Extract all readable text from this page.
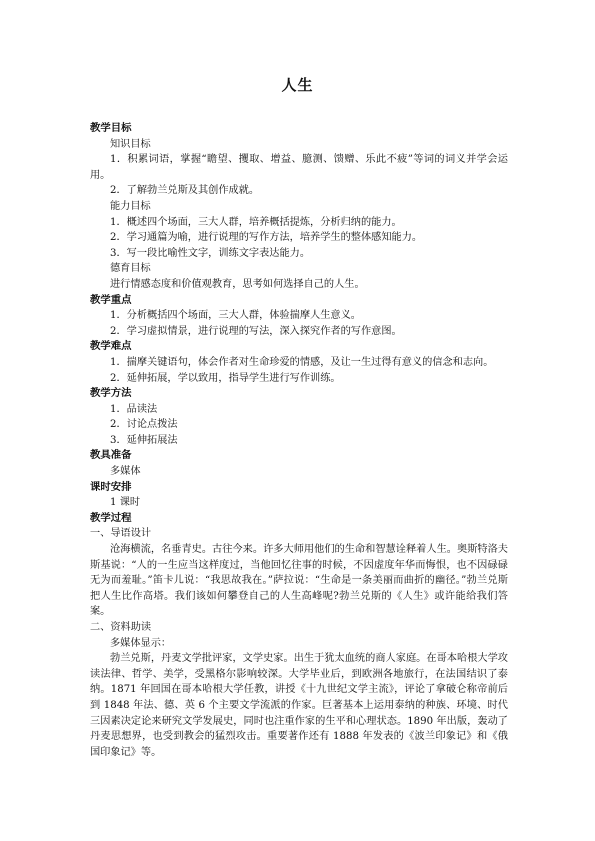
人生
教学目标
知识目标
1．积累词语，掌握“瞻望、攫取、增益、臆测、馈赠、乐此不疲”等词的词义并学会运用。
2．了解勃兰兑斯及其创作成就。
能力目标
1．概述四个场面，三大人群，培养概括提炼，分析归纳的能力。
2．学习通篇为喻，进行说理的写作方法，培养学生的整体感知能力。
3．写一段比喻性文字，训练文字表达能力。
德育目标
进行情感态度和价值观教育，思考如何选择自己的人生。
教学重点
1．分析概括四个场面，三大人群，体验揣摩人生意义。
2．学习虚拟情景，进行说理的写法，深入探究作者的写作意图。
教学难点
1．揣摩关键语句，体会作者对生命珍爱的情感，及让一生过得有意义的信念和志向。
2．延伸拓展，学以致用，指导学生进行写作训练。
教学方法
1．品读法
2．讨论点拨法
3．延伸拓展法
教具准备
多媒体
课时安排
1 课时
教学过程
一、导语设计
沧海横流，名垂青史。古往今来。许多大师用他们的生命和智慧诠释着人生。奥斯特洛夫斯基说：“人的一生应当这样度过，当他回忆往事的时候，不因虚度年华而悔恨，也不因碌碌无为而羞耻。”笛卡儿说：“我思故我在。”萨拉说：“生命是一条美丽而曲折的幽径。”勃兰兑斯把人生比作高塔。我们该如何攀登自己的人生高峰呢?勃兰兑斯的《人生》或许能给我们答案。
二、资料助读
多媒体显示：
勃兰兑斯，丹麦文学批评家，文学史家。出生于犹太血统的商人家庭。在哥本哈根大学攻读法律、哲学、美学，受黑格尔影响较深。大学毕业后，到欧洲各地旅行，在法国结识了泰纳。1871 年回国在哥本哈根大学任教，讲授《十九世纪文学主流》，评论了拿破仑称帝前后到 1848 年法、德、英 6 个主要文学流派的作家。巨著基本上运用泰纳的种族、环境、时代三因素决定论来研究文学发展史，同时也注重作家的生平和心理状态。1890 年出版，轰动了丹麦思想界，也受到教会的猛烈攻击。重要著作还有 1888 年发表的《波兰印象记》和《俄国印象记》等。
